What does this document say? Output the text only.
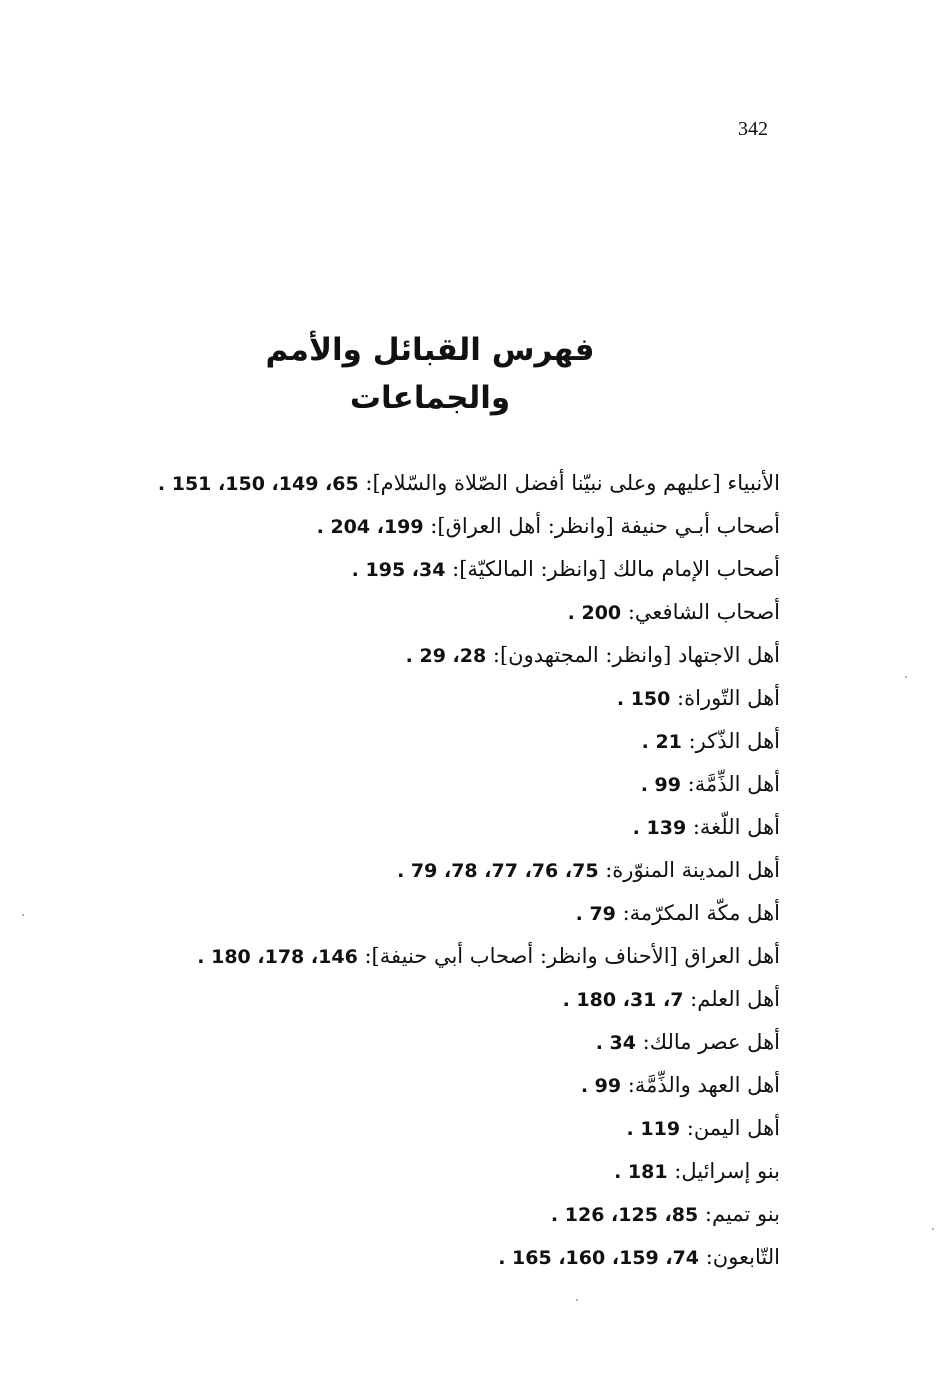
342
فهرس القبائل والأمم والجماعات
الأنبياء [عليهم وعلى نبيّنا أفضل الصّلاة والسّلام]: 65، 149، 150، 151 .
أصحاب أبـي حنيفة [وانظر: أهل العراق]: 199، 204 .
أصحاب الإمام مالك [وانظر: المالكيّة]: 34، 195 .
أصحاب الشافعي: 200 .
أهل الاجتهاد [وانظر: المجتهدون]: 28، 29 .
أهل التّوراة: 150 .
أهل الذّكر: 21 .
أهل الذِّمَّة: 99 .
أهل اللّغة: 139 .
أهل المدينة المنوّرة: 75، 76، 77، 78، 79 .
أهل مكّة المكرّمة: 79 .
أهل العراق [الأحناف وانظر: أصحاب أبي حنيفة]: 146، 178، 180 .
أهل العلم: 7، 31، 180 .
أهل عصر مالك: 34 .
أهل العهد والذِّمَّة: 99 .
أهل اليمن: 119 .
بنو إسرائيل: 181 .
بنو تميم: 85، 125، 126 .
التّابعون: 74، 159، 160، 165 .
